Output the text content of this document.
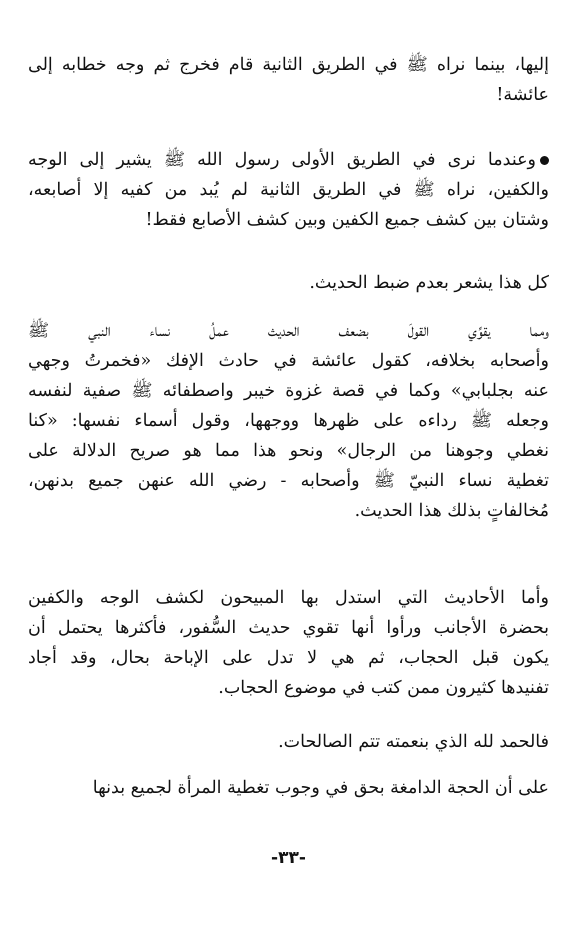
إليها، بينما نراه ﷺ في الطريق الثانية قام فخرج ثم وجه خطابه إلى
عائشة!
وعندما نرى في الطريق الأولى رسول الله ﷺ يشير إلى الوجه
والكفين، نراه ﷺ في الطريق الثانية لم يُبد من كفيه إلا أصابعه،
وشتان بين كشف جميع الكفين وبين كشف الأصابع فقط!
كل هذا يشعر بعدم ضبط الحديث.
ومما يقوِّي القولَ بضعف الحديث عملُ نساء النبي ﷺ
وأصحابه بخلافه، كقول عائشة في حادث الإفك «فخمرتُ وجهي
عنه بجلبابي» وكما في قصة غزوة خيبر واصطفائه ﷺ صفية لنفسه
وجعله ﷺ رداءه على ظهرها ووجهها، وقول أسماء نفسها: «كنا
نغطي وجوهنا من الرجال» ونحو هذا مما هو صريح الدلالة على
تغطية نساء النبيّ ﷺ وأصحابه - رضي الله عنهن جميع بدنهن،
مُخالفاتٍ بذلك هذا الحديث.
وأما الأحاديث التي استدل بها المبيحون لكشف الوجه والكفين
بحضرة الأجانب ورأوا أنها تقوي حديث السُّفور، فأكثرها يحتمل أن
يكون قبل الحجاب، ثم هي لا تدل على الإباحة بحال، وقد أجاد
تفنيدها كثيرون ممن كتب في موضوع الحجاب.
فالحمد لله الذي بنعمته تتم الصالحات.
على أن الحجة الدامغة بحق في وجوب تغطية المرأة لجميع بدنها
-٣٣-
